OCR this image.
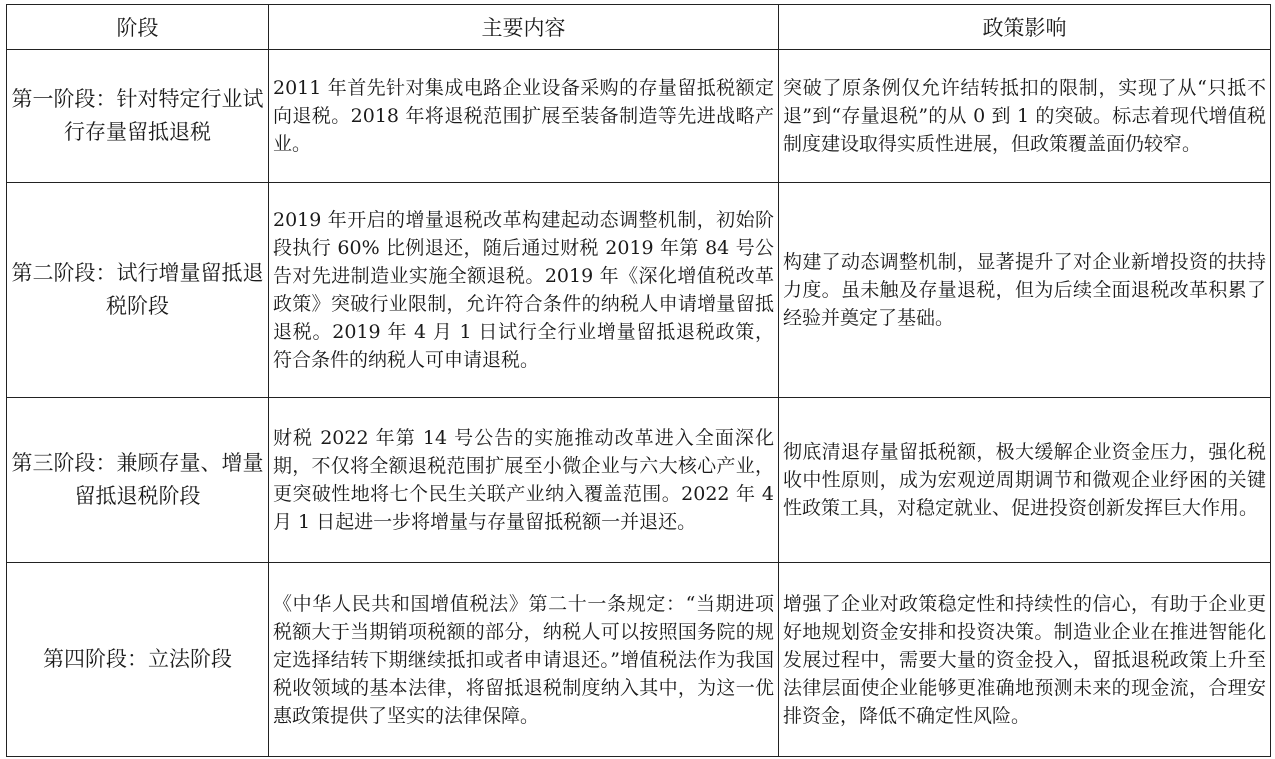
阶段	主要内容	政策影响
第一阶段：针对特定行业试行存量留抵退税	2011 年首先针对集成电路企业设备采购的存量留抵税额定向退税。2018 年将退税范围扩展至装备制造等先进战略产业。	突破了原条例仅允许结转抵扣的限制，实现了从“只抵不退”到“存量退税”的从 0 到 1 的突破。标志着现代增值税制度建设取得实质性进展，但政策覆盖面仍较窄。
第二阶段：试行增量留抵退税阶段	2019 年开启的增量退税改革构建起动态调整机制，初始阶段执行 60% 比例退还，随后通过财税 2019 年第 84 号公告对先进制造业实施全额退税。2019 年《深化增值税改革政策》突破行业限制，允许符合条件的纳税人申请增量留抵退税。2019 年 4 月 1 日试行全行业增量留抵退税政策，符合条件的纳税人可申请退税。	构建了动态调整机制，显著提升了对企业新增投资的扶持力度。虽未触及存量退税，但为后续全面退税改革积累了经验并奠定了基础。
第三阶段：兼顾存量、增量留抵退税阶段	财税 2022 年第 14 号公告的实施推动改革进入全面深化期，不仅将全额退税范围扩展至小微企业与六大核心产业，更突破性地将七个民生关联产业纳入覆盖范围。2022 年 4 月 1 日起进一步将增量与存量留抵税额一并退还。	彻底清退存量留抵税额，极大缓解企业资金压力，强化税收中性原则，成为宏观逆周期调节和微观企业纾困的关键性政策工具，对稳定就业、促进投资创新发挥巨大作用。
第四阶段：立法阶段	《中华人民共和国增值税法》第二十一条规定：“当期进项税额大于当期销项税额的部分，纳税人可以按照国务院的规定选择结转下期继续抵扣或者申请退还。”增值税法作为我国税收领域的基本法律，将留抵退税制度纳入其中，为这一优惠政策提供了坚实的法律保障。	增强了企业对政策稳定性和持续性的信心，有助于企业更好地规划资金安排和投资决策。制造业企业在推进智能化发展过程中，需要大量的资金投入，留抵退税政策上升至法律层面使企业能够更准确地预测未来的现金流，合理安排资金，降低不确定性风险。
